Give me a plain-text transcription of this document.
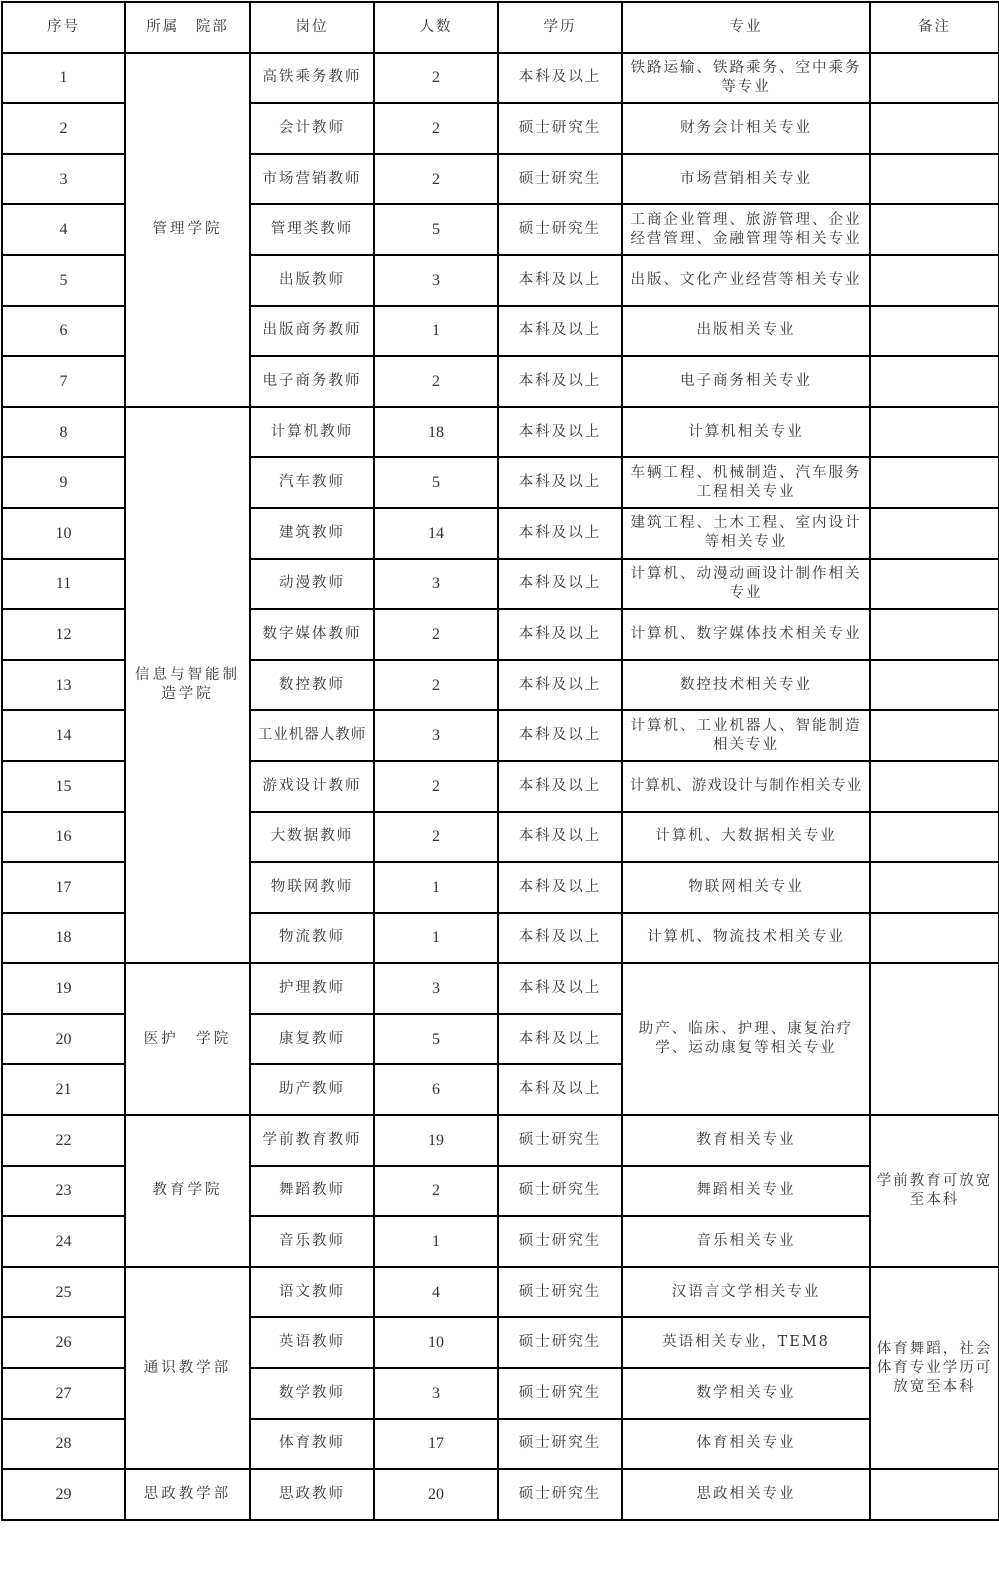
序号	所属　院部	岗位	人数	学历	专业	备注
1	管理学院	高铁乘务教师	2	本科及以上	铁路运输、铁路乘务、空中乘务等专业	
2		会计教师	2	硕士研究生	财务会计相关专业	
3		市场营销教师	2	硕士研究生	市场营销相关专业	
4		管理类教师	5	硕士研究生	工商企业管理、旅游管理、企业经营管理、金融管理等相关专业	
5		出版教师	3	本科及以上	出版、文化产业经营等相关专业	
6		出版商务教师	1	本科及以上	出版相关专业	
7		电子商务教师	2	本科及以上	电子商务相关专业	
8	信息与智能制造学院	计算机教师	18	本科及以上	计算机相关专业	
9		汽车教师	5	本科及以上	车辆工程、机械制造、汽车服务工程相关专业	
10		建筑教师	14	本科及以上	建筑工程、土木工程、室内设计等相关专业	
11		动漫教师	3	本科及以上	计算机、动漫动画设计制作相关专业	
12		数字媒体教师	2	本科及以上	计算机、数字媒体技术相关专业	
13		数控教师	2	本科及以上	数控技术相关专业	
14		工业机器人教师	3	本科及以上	计算机、工业机器人、智能制造相关专业	
15		游戏设计教师	2	本科及以上	计算机、游戏设计与制作相关专业	
16		大数据教师	2	本科及以上	计算机、大数据相关专业	
17		物联网教师	1	本科及以上	物联网相关专业	
18		物流教师	1	本科及以上	计算机、物流技术相关专业	
19	医护　学院	护理教师	3	本科及以上	助产、临床、护理、康复治疗学、运动康复等相关专业	
20		康复教师	5	本科及以上		
21		助产教师	6	本科及以上		
22	教育学院	学前教育教师	19	硕士研究生	教育相关专业	学前教育可放宽至本科
23		舞蹈教师	2	硕士研究生	舞蹈相关专业	
24		音乐教师	1	硕士研究生	音乐相关专业	
25	通识教学部	语文教师	4	硕士研究生	汉语言文学相关专业	体育舞蹈，社会体育专业学历可放宽至本科
26		英语教师	10	硕士研究生	英语相关专业，TEM8	
27		数学教师	3	硕士研究生	数学相关专业	
28		体育教师	17	硕士研究生	体育相关专业	
29	思政教学部	思政教师	20	硕士研究生	思政相关专业	
